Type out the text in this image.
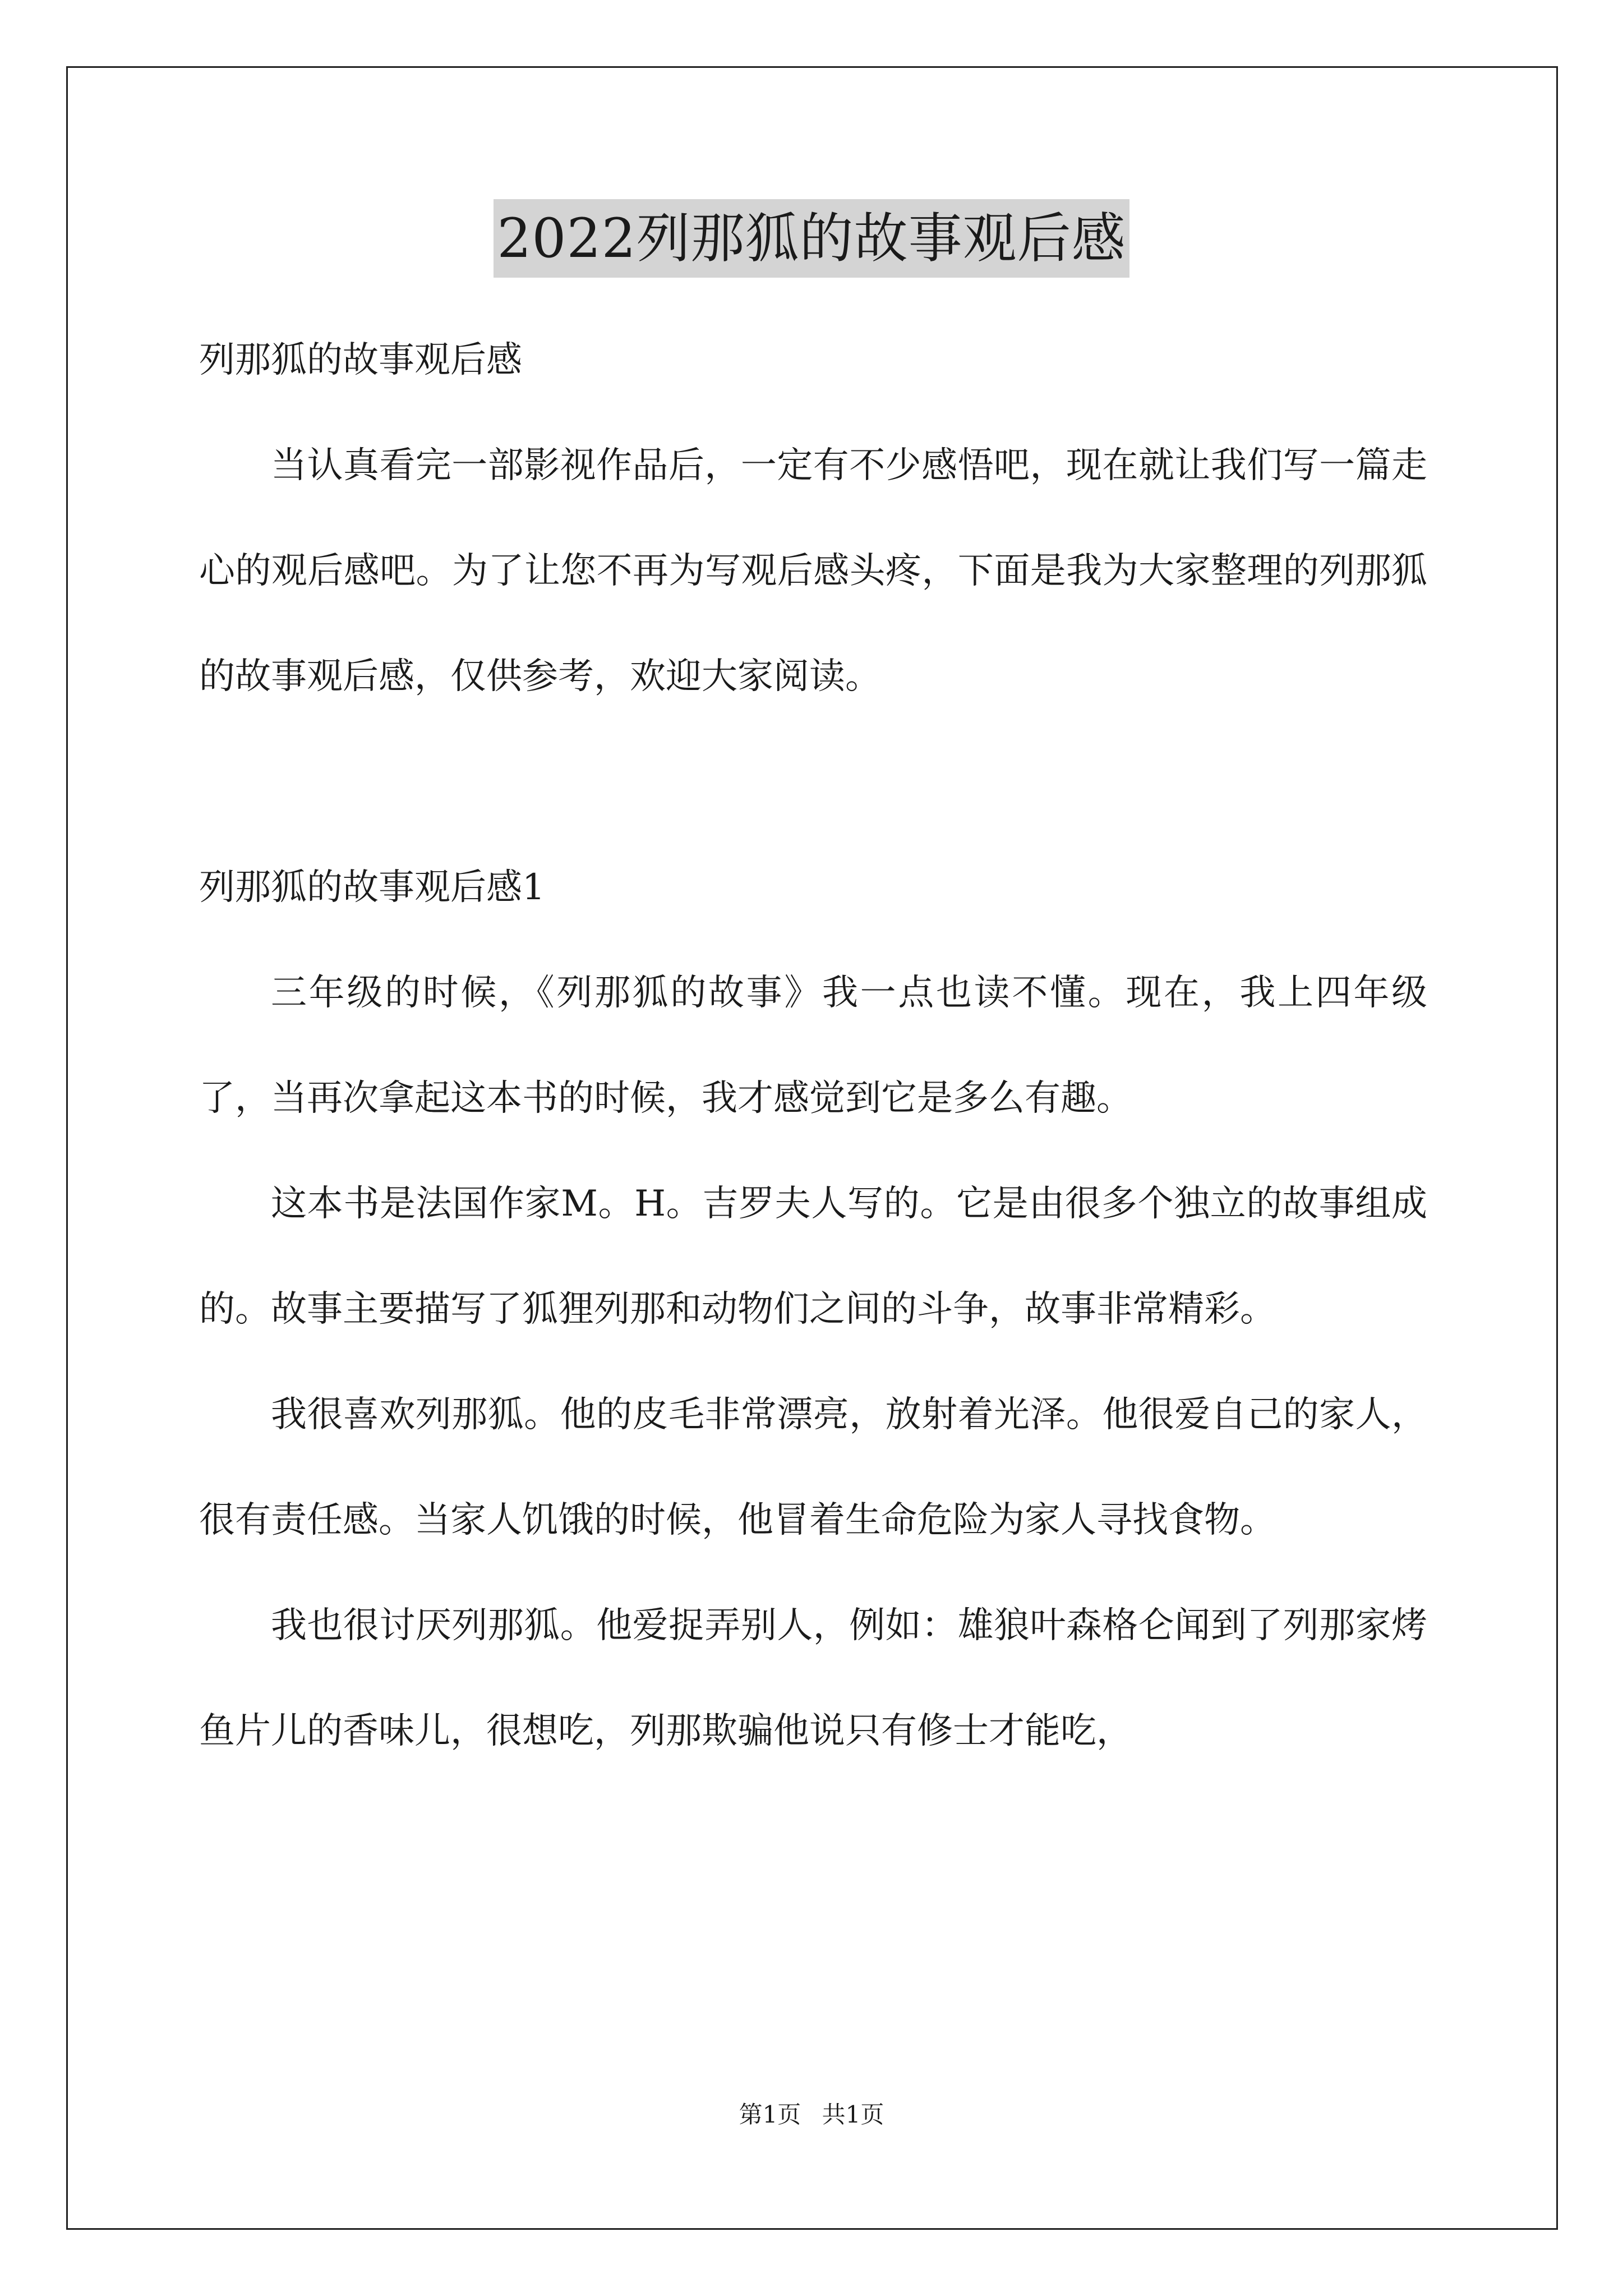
2022列那狐的故事观后感

列那狐的故事观后感

当认真看完一部影视作品后，一定有不少感悟吧，现在就让我们写一篇走心的观后感吧。为了让您不再为写观后感头疼，下面是我为大家整理的列那狐的故事观后感，仅供参考，欢迎大家阅读。

列那狐的故事观后感1

三年级的时候，《列那狐的故事》我一点也读不懂。现在，我上四年级了，当再次拿起这本书的时候，我才感觉到它是多么有趣。

这本书是法国作家M。H。吉罗夫人写的。它是由很多个独立的故事组成的。故事主要描写了狐狸列那和动物们之间的斗争，故事非常精彩。

我很喜欢列那狐。他的皮毛非常漂亮，放射着光泽。他很爱自己的家人，很有责任感。当家人饥饿的时候，他冒着生命危险为家人寻找食物。

我也很讨厌列那狐。他爱捉弄别人，例如：雄狼叶森格仑闻到了列那家烤鱼片儿的香味儿，很想吃，列那欺骗他说只有修士才能吃，

第1页 共1页
